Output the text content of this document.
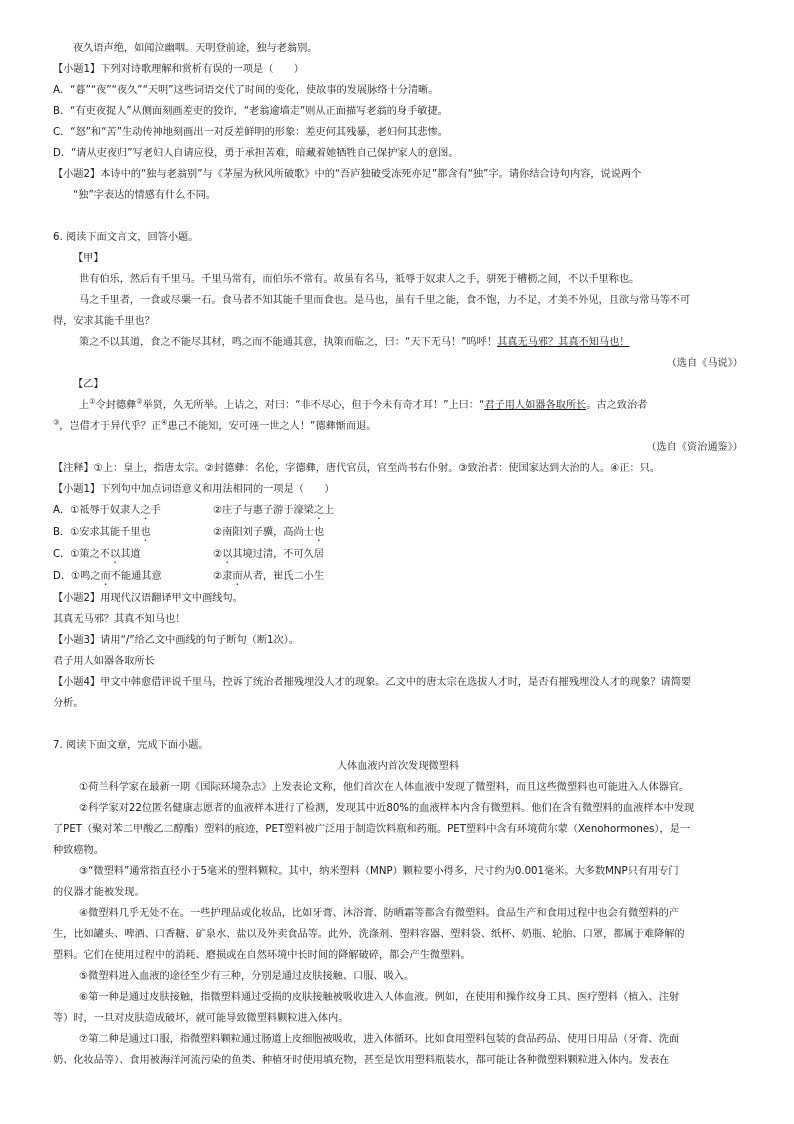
夜久语声绝，如闻泣幽咽。天明登前途，独与老翁别。

【小题1】下列对诗歌理解和赏析有误的一项是（　　）

A．“暮”“夜”“夜久”“天明”这些词语交代了时间的变化，使故事的发展脉络十分清晰。

B．“有吏夜捉人”从侧面刻画差吏的狡诈，“老翁逾墙走”则从正面描写老翁的身手敏捷。

C．“怒”和“苦”生动传神地刻画出一对反差鲜明的形象：差吏何其残暴，老妇何其悲惨。

D．“请从吏夜归”写老妇人自请应役，勇于承担苦难，暗藏着她牺牲自己保护家人的意图。

【小题2】本诗中的“独与老翁别”与《茅屋为秋风所破歌》中的“吾庐独破受冻死亦足”都含有“独”字。请你结合诗句内容，说说两个

“独”字表达的情感有什么不同。

6. 阅读下面文言文，回答小题。

【甲】

世有伯乐，然后有千里马。千里马常有，而伯乐不常有。故虽有名马，祗辱于奴隶人之手，骈死于槽枥之间，不以千里称也。

马之千里者，一食或尽粟一石。食马者不知其能千里而食也。是马也，虽有千里之能，食不饱，力不足，才美不外见，且欲与常马等不可

得，安求其能千里也？

策之不以其道，食之不能尽其材，鸣之而不能通其意，执策而临之，曰：“天下无马！”呜呼！其真无马邪？其真不知马也！

（选自《马说》）

【乙】

上①令封德彝②举贤，久无所举。上诘之，对曰：“非不尽心，但于今未有奇才耳！”上曰：“君子用人如器各取所长。古之致治者

③，岂借才于异代乎？正④患己不能知，安可诬一世之人！”德彝惭而退。

（选自《资治通鉴》）

【注释】①上：皇上，指唐太宗。②封德彝：名伦，字德彝，唐代官员，官至尚书右仆射。③致治者：使国家达到大治的人。④正：只。

【小题1】下列句中加点词语意义和用法相同的一项是（　　）

A．①祗辱于奴隶人之手	②庄子与惠子游于濠梁之上

B．①安求其能千里也	②南阳刘子骥，高尚士也

C．①策之不以其道	②以其境过清，不可久居

D．①鸣之而不能通其意	②隶而从者，崔氏二小生

【小题2】用现代汉语翻译甲文中画线句。

其真无马邪？其真不知马也！

【小题3】请用“/”给乙文中画线的句子断句（断1次）。

君子用人如器各取所长

【小题4】甲文中韩愈借评说千里马，控诉了统治者摧残埋没人才的现象。乙文中的唐太宗在选拔人才时，是否有摧残埋没人才的现象？请简要

分析。

7. 阅读下面文章，完成下面小题。

人体血液内首次发现微塑料

①荷兰科学家在最新一期《国际环境杂志》上发表论文称，他们首次在人体血液中发现了微塑料，而且这些微塑料也可能进入人体器官。

②科学家对22位匿名健康志愿者的血液样本进行了检测，发现其中近80%的血液样本内含有微塑料。他们在含有微塑料的血液样本中发现

了PET（聚对苯二甲酸乙二醇酯）塑料的痕迹，PET塑料被广泛用于制造饮料瓶和药瓶。PET塑料中含有环境荷尔蒙（Xenohormones），是一

种致癌物。

③“微塑料”通常指直径小于5毫米的塑料颗粒。其中，纳米塑料（MNP）颗粒要小得多，尺寸约为0.001毫米。大多数MNP只有用专门

的仪器才能被发现。

④微塑料几乎无处不在。一些护理品或化妆品，比如牙膏、沐浴膏、防晒霜等都含有微塑料。食品生产和食用过程中也会有微塑料的产

生，比如罐头、啤酒、口香糖、矿泉水、盐以及外卖食品等。此外，洗涤剂、塑料容器、塑料袋、纸杯、奶瓶、轮胎、口罩，都属于难降解的

塑料。它们在使用过程中的消耗、磨损或在自然环境中长时间的降解破碎，都会产生微塑料。

⑤微塑料进入血液的途径至少有三种，分别是通过皮肤接触、口服、吸入。

⑥第一种是通过皮肤接触，指微塑料通过受损的皮肤接触被吸收进入人体血液。例如，在使用和操作纹身工具、医疗塑料（植入、注射

等）时，一旦对皮肤造成破坏，就可能导致微塑料颗粒进入体内。

⑦第二种是通过口服，指微塑料颗粒通过肠道上皮细胞被吸收，进入体循环。比如食用塑料包装的食品药品、使用日用品（牙膏、洗面

奶、化妆品等）、食用被海洋河流污染的鱼类、种植牙时使用填充物，甚至是饮用塑料瓶装水，都可能让各种微塑料颗粒进入体内。发表在
